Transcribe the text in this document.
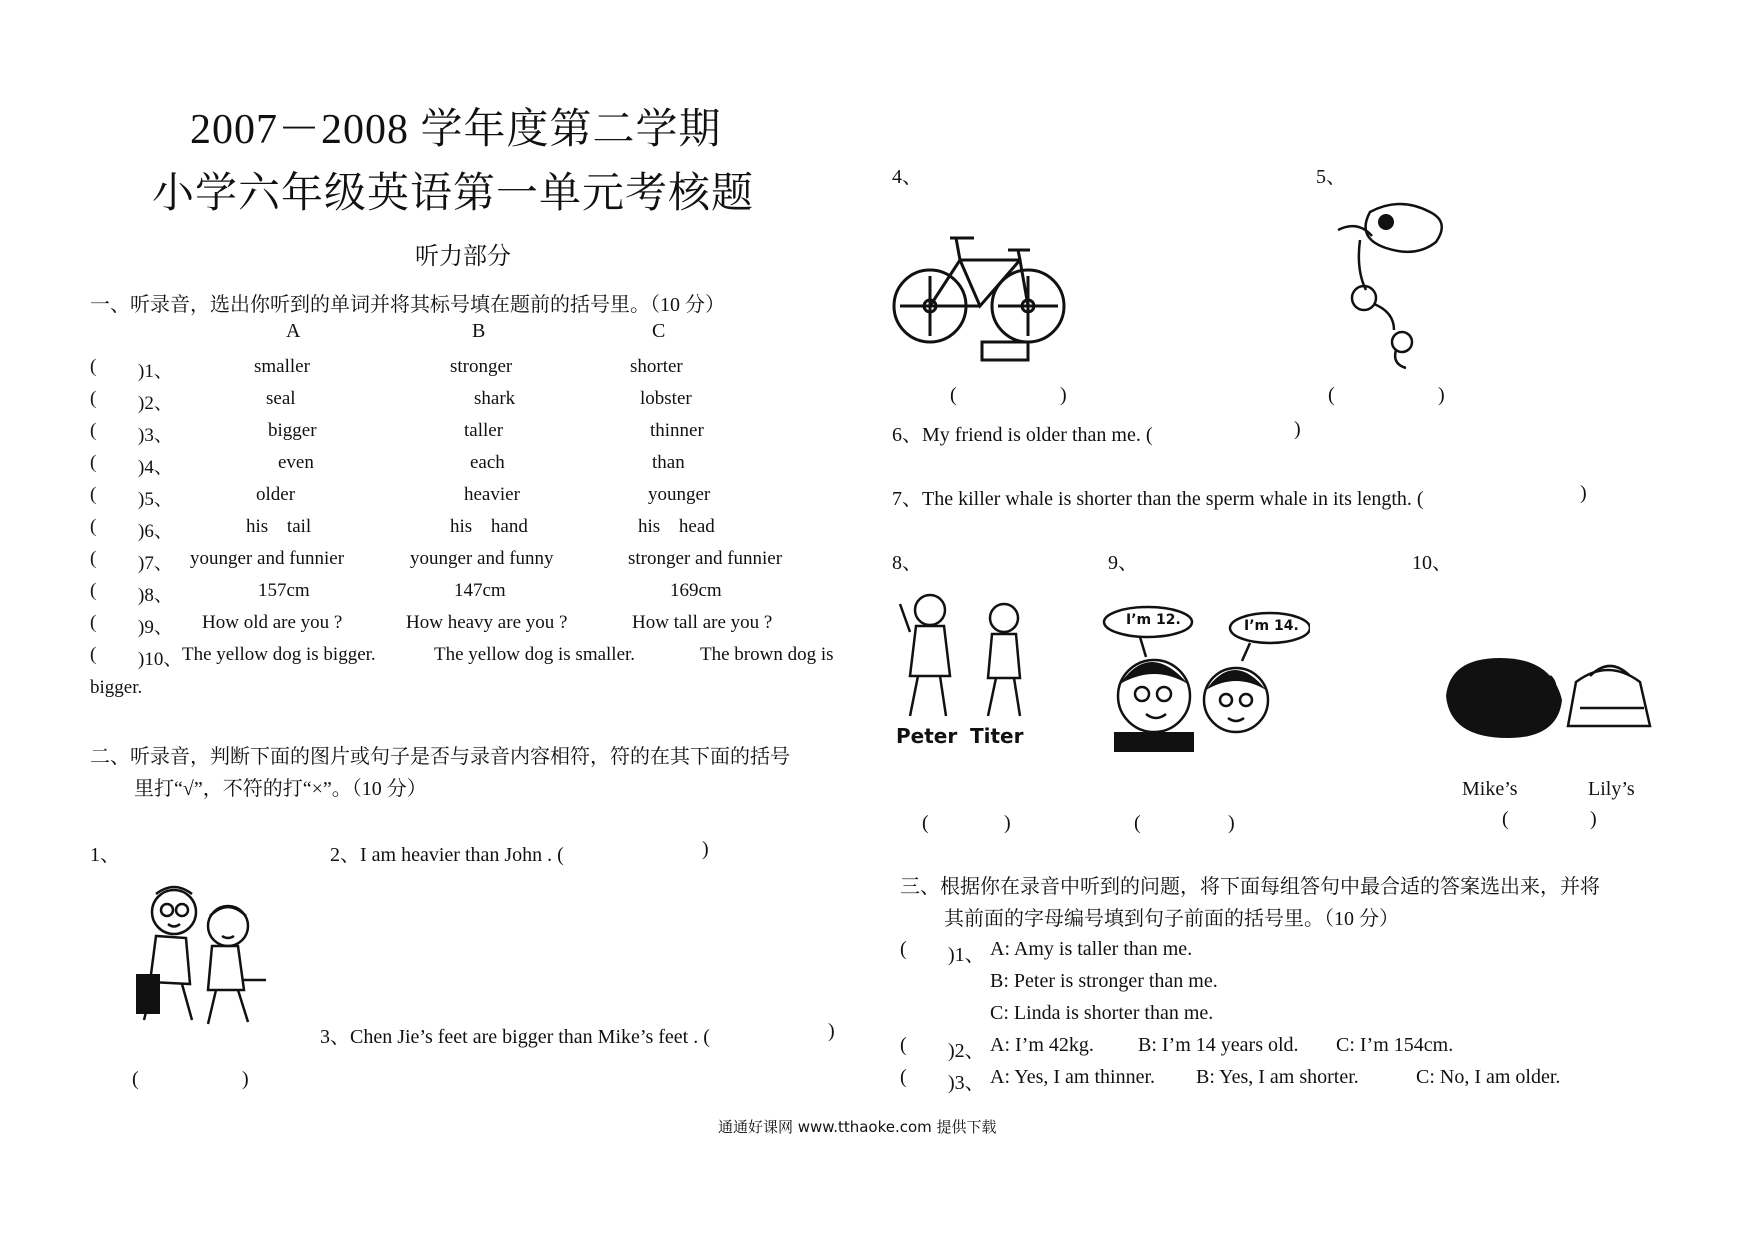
2007－2008 学年度第二学期
小学六年级英语第一单元考核题
听力部分
一、听录音，选出你听到的单词并将其标号填在题前的括号里。（10 分）
A	B	C
( )1、	smaller	stronger	shorter
( )2、	seal	shark	lobster
( )3、	bigger	taller	thinner
( )4、	even	each	than
( )5、	older	heavier	younger
( )6、	his tail	his hand	his head
( )7、 younger and funnier	younger and funny	stronger and funnier
( )8、	157cm	147cm	169cm
( )9、 How old are you ?	How heavy are you ?	How tall are you ?
( )10、 The yellow dog is bigger.	The yellow dog is smaller.	The brown dog is
bigger.
二、听录音，判断下面的图片或句子是否与录音内容相符，符的在其下面的括号
里打“√”，不符的打“×”。（10 分）
1、	2、I am heavier than John . (	)
3、Chen Jie’s feet are bigger than Mike’s feet . (	)
(	)
4、	5、
(	)	(	)
6、My friend is older than me. (	)
7、The killer whale is shorter than the sperm whale in its length. (	)
8、	9、	10、
Peter Titer
I’m 12.	I’m 14.
Mike’s	Lily’s
(	)	(	)	(	)
三、根据你在录音中听到的问题，将下面每组答句中最合适的答案选出来，并将
其前面的字母编号填到句子前面的括号里。（10 分）
( )1、 A: Amy is taller than me.
B: Peter is stronger than me.
C: Linda is shorter than me.
( )2、 A: I’m 42kg. B: I’m 14 years old. C: I’m 154cm.
( )3、 A: Yes, I am thinner. B: Yes, I am shorter.	C: No, I am older.
通通好课网 www.tthaoke.com 提供下载
